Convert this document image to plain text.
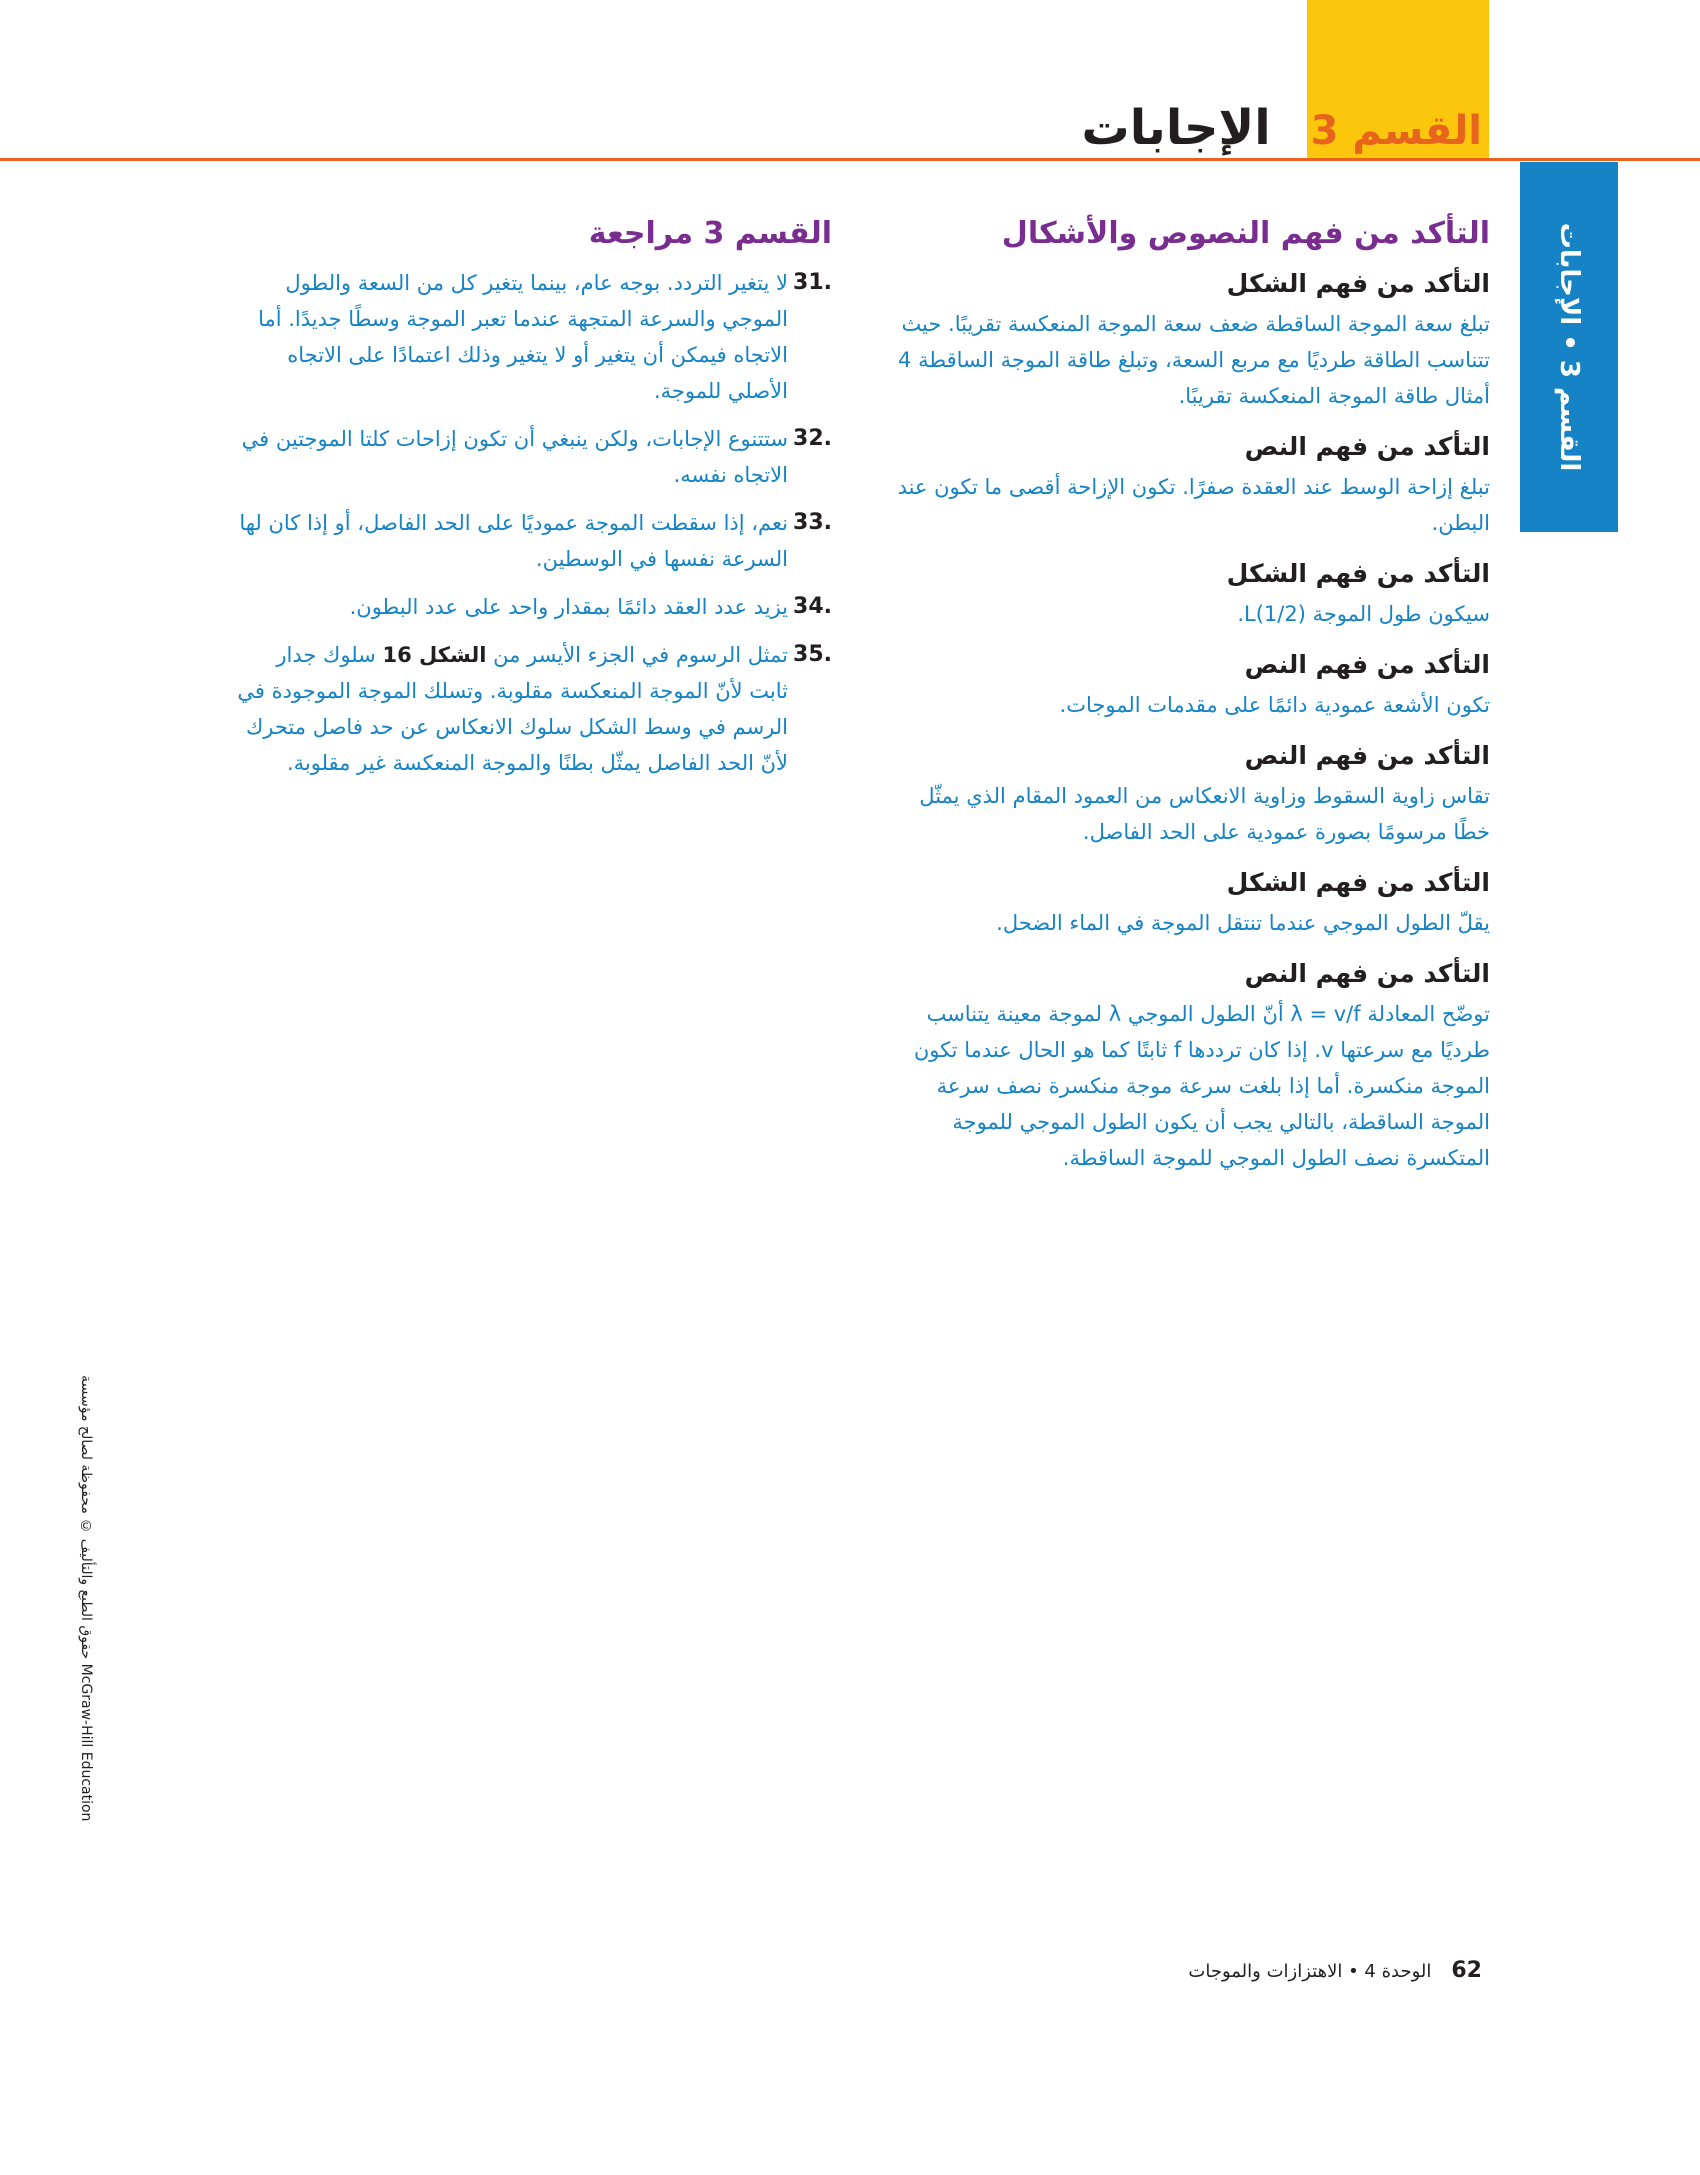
القسم 3
الإجابات
القسم 3 • الإجابات
التأكد من فهم النصوص والأشكال
التأكد من فهم الشكل

تبلغ سعة الموجة الساقطة ضعف سعة الموجة المنعكسة تقريبًا. حيث تتناسب الطاقة طرديًا مع مربع السعة، وتبلغ طاقة الموجة الساقطة 4 أمثال طاقة الموجة المنعكسة تقريبًا.

التأكد من فهم النص

تبلغ إزاحة الوسط عند العقدة صفرًا. تكون الإزاحة أقصى ما تكون عند البطن.

التأكد من فهم الشكل

سيكون طول الموجة L(1/2).

التأكد من فهم النص

تكون الأشعة عمودية دائمًا على مقدمات الموجات.

التأكد من فهم النص

تقاس زاوية السقوط وزاوية الانعكاس من العمود المقام الذي يمثّل خطًا مرسومًا بصورة عمودية على الحد الفاصل.

التأكد من فهم الشكل

يقلّ الطول الموجي عندما تنتقل الموجة في الماء الضحل.

التأكد من فهم النص

توضّح المعادلة λ = v/f أنّ الطول الموجي λ لموجة معينة يتناسب طرديًا مع سرعتها v. إذا كان ترددها f ثابتًا كما هو الحال عندما تكون الموجة منكسرة. أما إذا بلغت سرعة موجة منكسرة نصف سرعة الموجة الساقطة، بالتالي يجب أن يكون الطول الموجي للموجة المتكسرة نصف الطول الموجي للموجة الساقطة.

القسم 3 مراجعة
31.
لا يتغير التردد. بوجه عام، بينما يتغير كل من السعة والطول الموجي والسرعة المتجهة عندما تعبر الموجة وسطًا جديدًا. أما الاتجاه فيمكن أن يتغير أو لا يتغير وذلك اعتمادًا على الاتجاه الأصلي للموجة.
32.
ستتنوع الإجابات، ولكن ينبغي أن تكون إزاحات كلتا الموجتين في الاتجاه نفسه.
33.
نعم، إذا سقطت الموجة عموديًا على الحد الفاصل، أو إذا كان لها السرعة نفسها في الوسطين.
34.
يزيد عدد العقد دائمًا بمقدار واحد على عدد البطون.
35.
تمثل الرسوم في الجزء الأيسر من الشكل 16 سلوك جدار ثابت لأنّ الموجة المنعكسة مقلوبة. وتسلك الموجة الموجودة في الرسم في وسط الشكل سلوك الانعكاس عن حد فاصل متحرك لأنّ الحد الفاصل يمثّل بطنًا والموجة المنعكسة غير مقلوبة.
62
الوحدة 4 • الاهتزازات والموجات
حقوق الطبع والتأليف © محفوظة لصالح مؤسسة McGraw-Hill Education
